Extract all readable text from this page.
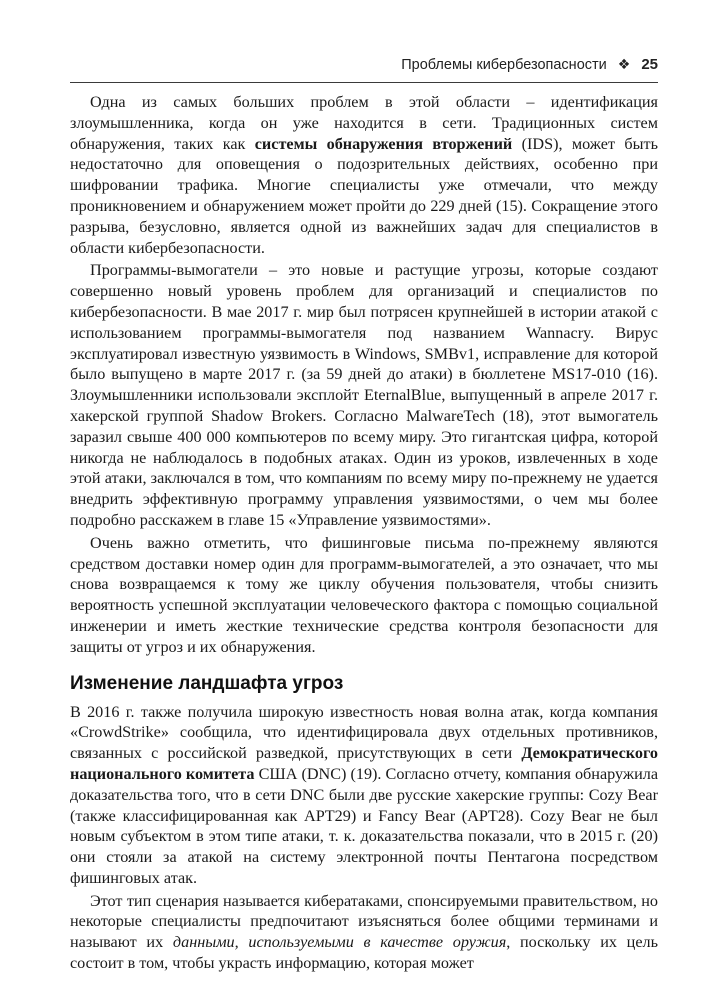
Проблемы кибербезопасности ❖ 25

Одна из самых больших проблем в этой области – идентификация злоумышленника, когда он уже находится в сети. Традиционных систем обнаружения, таких как системы обнаружения вторжений (IDS), может быть недостаточно для оповещения о подозрительных действиях, особенно при шифровании трафика. Многие специалисты уже отмечали, что между проникновением и обнаружением может пройти до 229 дней (15). Сокращение этого разрыва, безусловно, является одной из важнейших задач для специалистов в области кибербезопасности.

Программы-вымогатели – это новые и растущие угрозы, которые создают совершенно новый уровень проблем для организаций и специалистов по кибербезопасности. В мае 2017 г. мир был потрясен крупнейшей в истории атакой с использованием программы-вымогателя под названием Wannacry. Вирус эксплуатировал известную уязвимость в Windows, SMBv1, исправление для которой было выпущено в марте 2017 г. (за 59 дней до атаки) в бюллетене MS17-010 (16). Злоумышленники использовали эксплойт EternalBlue, выпущенный в апреле 2017 г. хакерской группой Shadow Brokers. Согласно MalwareTech (18), этот вымогатель заразил свыше 400 000 компьютеров по всему миру. Это гигантская цифра, которой никогда не наблюдалось в подобных атаках. Один из уроков, извлеченных в ходе этой атаки, заключался в том, что компаниям по всему миру по-прежнему не удается внедрить эффективную программу управления уязвимостями, о чем мы более подробно расскажем в главе 15 «Управление уязвимостями».

Очень важно отметить, что фишинговые письма по-прежнему являются средством доставки номер один для программ-вымогателей, а это означает, что мы снова возвращаемся к тому же циклу обучения пользователя, чтобы снизить вероятность успешной эксплуатации человеческого фактора с помощью социальной инженерии и иметь жесткие технические средства контроля безопасности для защиты от угроз и их обнаружения.

Изменение ландшафта угроз

В 2016 г. также получила широкую известность новая волна атак, когда компания «CrowdStrike» сообщила, что идентифицировала двух отдельных противников, связанных с российской разведкой, присутствующих в сети Демократического национального комитета США (DNC) (19). Согласно отчету, компания обнаружила доказательства того, что в сети DNC были две русские хакерские группы: Cozy Bear (также классифицированная как APT29) и Fancy Bear (APT28). Cozy Bear не был новым субъектом в этом типе атаки, т. к. доказательства показали, что в 2015 г. (20) они стояли за атакой на систему электронной почты Пентагона посредством фишинговых атак.

Этот тип сценария называется кибератаками, спонсируемыми правительством, но некоторые специалисты предпочитают изъясняться более общими терминами и называют их данными, используемыми в качестве оружия, поскольку их цель состоит в том, чтобы украсть информацию, которая может
